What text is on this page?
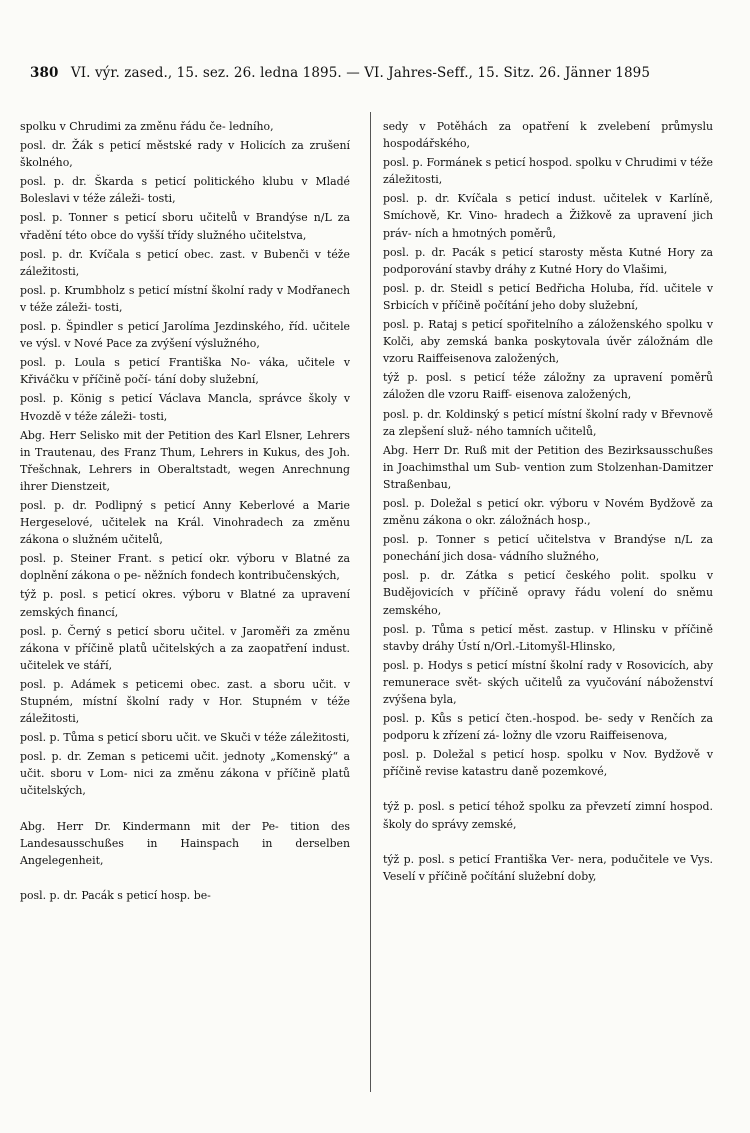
380 VI. výr. zased., 15. sez. 26. ledna 1895. — VI. Jahres-Seff., 15. Sitz. 26. Jänner 1895

spolku v Chrudimi za změnu řádu če- ledního,

posl. dr. Žák s peticí městské rady v Holicích za zrušení školného,

posl. p. dr. Škarda s peticí politického klubu v Mladé Boleslavi v téže záleži- tosti,

posl. p. Tonner s peticí sboru učitelů v Brandýse n/L za vřadění této obce do vyšší třídy služného učitelstva,

posl. p. dr. Kvíčala s peticí obec. zast. v Bubenči v téže záležitosti,

posl. p. Krumbholz s peticí místní školní rady v Modřanech v téže záleži- tosti,

posl. p. Špindler s peticí Jarolíma Jezdinského, říd. učitele ve výsl. v Nové Pace za zvýšení výslužného,

posl. p. Loula s peticí Františka No- váka, učitele v Křiváčku v příčině počí- tání doby služební,

posl. p. König s peticí Václava Mancla, správce školy v Hvozdě v téže záleži- tosti,

Abg. Herr Selisko mit der Petition des Karl Elsner, Lehrers in Trautenau, des Franz Thum, Lehrers in Kukus, des Joh. Třešchnak, Lehrers in Oberaltstadt, wegen Anrechnung ihrer Dienstzeit,

posl. p. dr. Podlipný s peticí Anny Keberlové a Marie Hergeselové, učitelek na Král. Vinohradech za změnu zákona o služném učitelů,

posl. p. Steiner Frant. s peticí okr. výboru v Blatné za doplnění zákona o pe- něžních fondech kontribučenských,

týž p. posl. s peticí okres. výboru v Blatné za upravení zemských financí,

posl. p. Černý s peticí sboru učitel. v Jaroměři za změnu zákona v příčině platů učitelských a za zaopatření indust. učitelek ve stáří,

posl. p. Adámek s peticemi obec. zast. a sboru učit. v Stupném, místní školní rady v Hor. Stupném v téže záležitosti,

posl. p. Tůma s peticí sboru učit. ve Skuči v téže záležitosti,

posl. p. dr. Zeman s peticemi učit. jednoty „Komenský“ a učit. sboru v Lom- nici za změnu zákona v příčině platů učitelských,

Abg. Herr Dr. Kindermann mit der Pe- tition des Landesausschußes in Hainspach in derselben Angelegenheit,

posl. p. dr. Pacák s peticí hosp. be-

sedy v Potěhách za opatření k zvelebení průmyslu hospodářského,

posl. p. Formánek s peticí hospod. spolku v Chrudimi v téže záležitosti,

posl. p. dr. Kvíčala s peticí indust. učitelek v Karlíně, Smíchově, Kr. Vino- hradech a Žižkově za upravení jich práv- ních a hmotných poměrů,

posl. p. dr. Pacák s peticí starosty města Kutné Hory za podporování stavby dráhy z Kutné Hory do Vlašimi,

posl. p. dr. Steidl s peticí Bedřicha Holuba, říd. učitele v Srbicích v příčině počítání jeho doby služební,

posl. p. Rataj s peticí spořitelního a záloženského spolku v Kolči, aby zemská banka poskytovala úvěr záložnám dle vzoru Raiffeisenova založených,

týž p. posl. s peticí téže záložny za upravení poměrů záložen dle vzoru Raiff- eisenova založených,

posl. p. dr. Koldinský s peticí místní školní rady v Břevnově za zlepšení služ- ného tamních učitelů,

Abg. Herr Dr. Ruß mit der Petition des Bezirksausschußes in Joachimsthal um Sub- vention zum Stolzenhan-Damitzer Straßenbau,

posl. p. Doležal s peticí okr. výboru v Novém Bydžově za změnu zákona o okr. záložnách hosp.,

posl. p. Tonner s peticí učitelstva v Brandýse n/L za ponechání jich dosa- vádního služného,

posl. p. dr. Zátka s peticí českého polit. spolku v Budějovicích v příčině opravy řádu volení do sněmu zemského,

posl. p. Tůma s peticí měst. zastup. v Hlinsku v příčině stavby dráhy Ústí n/Orl.-Litomyšl-Hlinsko,

posl. p. Hodys s peticí místní školní rady v Rosovicích, aby remunerace svět- ských učitelů za vyučování náboženství zvýšena byla,

posl. p. Kůs s peticí čten.-hospod. be- sedy v Renčích za podporu k zřízení zá- ložny dle vzoru Raiffeisenova,

posl. p. Doležal s peticí hosp. spolku v Nov. Bydžově v příčině revise katastru daně pozemkové,

týž p. posl. s peticí téhož spolku za převzetí zimní hospod. školy do správy zemské,

týž p. posl. s peticí Františka Ver- nera, podučitele ve Vys. Veselí v příčině počítání služební doby,
